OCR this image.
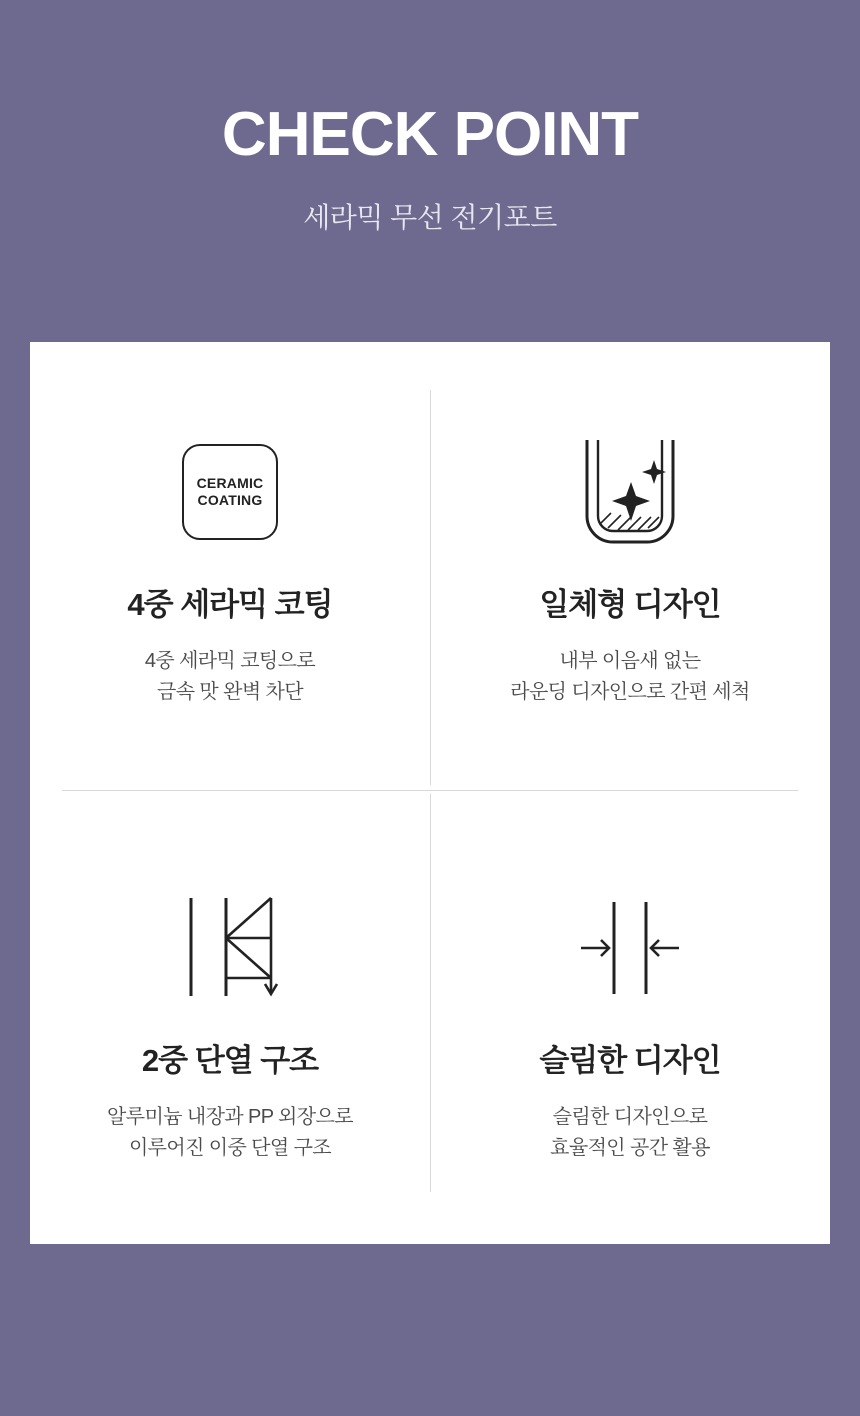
CHECK POINT
세라믹 무선 전기포트
CERAMIC
COATING
4중 세라믹 코팅
4중 세라믹 코팅으로
금속 맛 완벽 차단
일체형 디자인
내부 이음새 없는
라운딩 디자인으로 간편 세척
2중 단열 구조
알루미늄 내장과 PP 외장으로
이루어진 이중 단열 구조
슬림한 디자인
슬림한 디자인으로
효율적인 공간 활용
